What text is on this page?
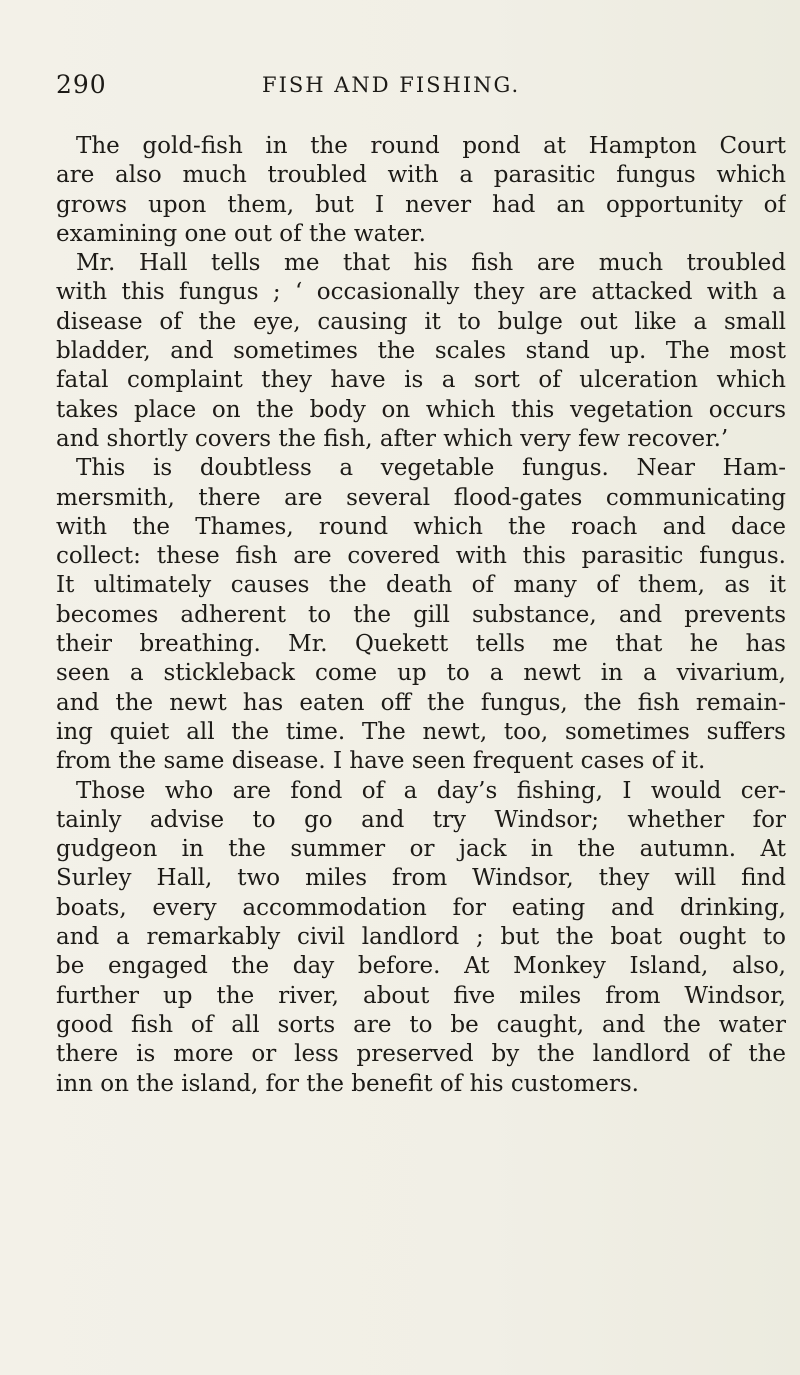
290	FISH AND FISHING.
The gold-fish in the round pond at Hampton Court
are also much troubled with a parasitic fungus which
grows upon them, but I never had an opportunity of
examining one out of the water.
Mr. Hall tells me that his fish are much troubled
with this fungus ; ‘ occasionally they are attacked with a
disease of the eye, causing it to bulge out like a small
bladder, and sometimes the scales stand up. The most
fatal complaint they have is a sort of ulceration which
takes place on the body on which this vegetation occurs
and shortly covers the fish, after which very few recover.’
This is doubtless a vegetable fungus. Near Ham-
mersmith, there are several flood-gates communicating
with the Thames, round which the roach and dace
collect: these fish are covered with this parasitic fungus.
It ultimately causes the death of many of them, as it
becomes adherent to the gill substance, and prevents
their breathing. Mr. Quekett tells me that he has
seen a stickleback come up to a newt in a vivarium,
and the newt has eaten off the fungus, the fish remain-
ing quiet all the time. The newt, too, sometimes suffers
from the same disease. I have seen frequent cases of it.
Those who are fond of a day’s fishing, I would cer-
tainly advise to go and try Windsor; whether for
gudgeon in the summer or jack in the autumn. At
Surley Hall, two miles from Windsor, they will find
boats, every accommodation for eating and drinking,
and a remarkably civil landlord ; but the boat ought to
be engaged the day before. At Monkey Island, also,
further up the river, about five miles from Windsor,
good fish of all sorts are to be caught, and the water
there is more or less preserved by the landlord of the
inn on the island, for the benefit of his customers.
